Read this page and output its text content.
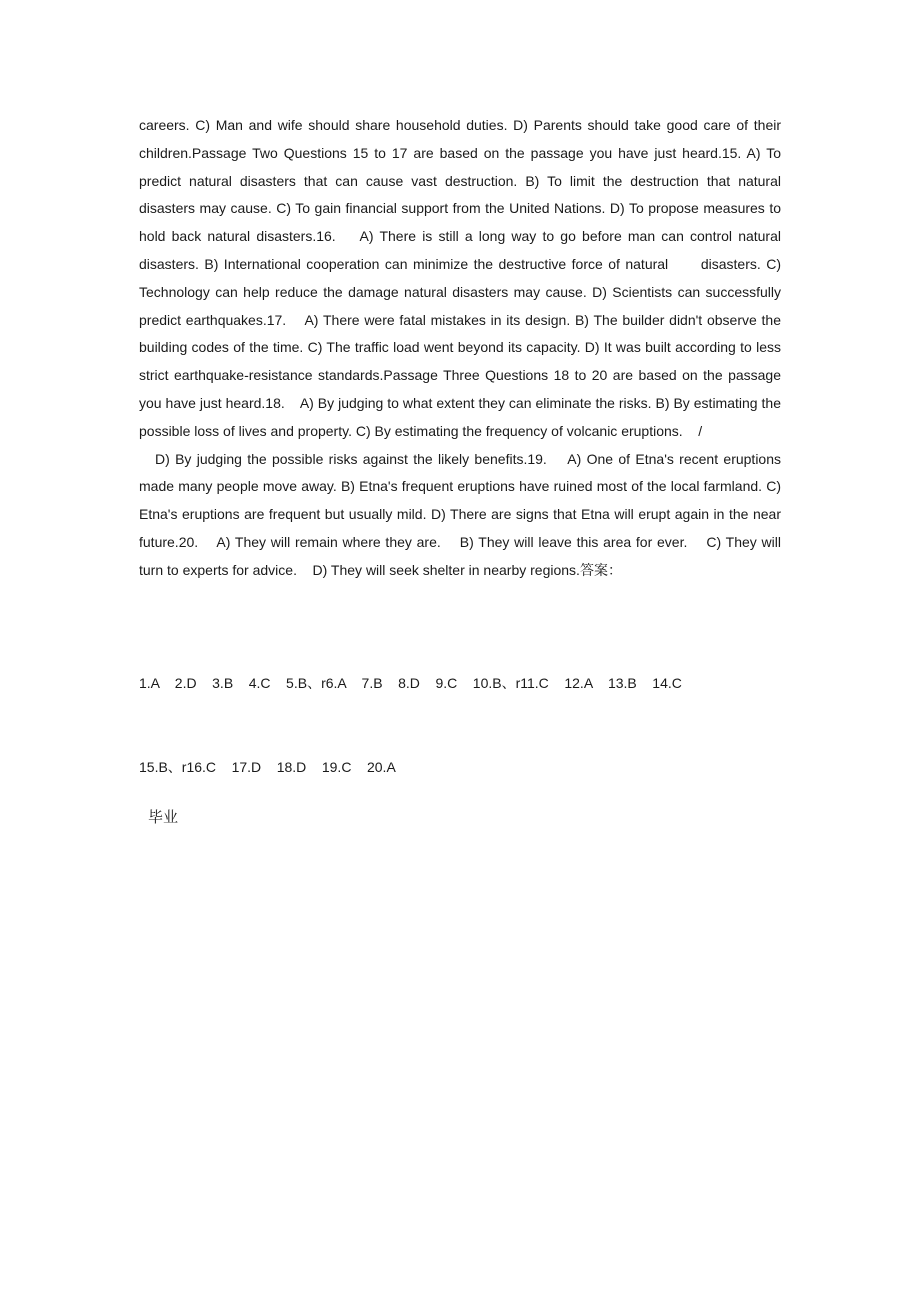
careers. C) Man and wife should share household duties. D) Parents should take good care of their children.Passage Two Questions 15 to 17 are based on the passage you have just heard.15. A) To predict natural disasters that can cause vast destruction. B) To limit the destruction that natural disasters may cause. C) To gain financial support from the United Nations. D) To propose measures to hold back natural disasters.16.    A) There is still a long way to go before man can control natural disasters. B) International cooperation can minimize the destructive force of natural      disasters. C) Technology can help reduce the damage natural disasters may cause. D) Scientists can successfully predict earthquakes.17.    A) There were fatal mistakes in its design. B) The builder didn't observe the building codes of the time. C) The traffic load went beyond its capacity. D) It was built according to less strict earthquake-resistance standards.Passage Three Questions 18 to 20 are based on the passage you have just heard.18.    A) By judging to what extent they can eliminate the risks. B) By estimating the possible loss of lives and property. C) By estimating the frequency of volcanic eruptions.    /

D) By judging the possible risks against the likely benefits.19.    A) One of Etna's recent eruptions made many people move away. B) Etna's frequent eruptions have ruined most of the local farmland. C) Etna's eruptions are frequent but usually mild. D) There are signs that Etna will erupt again in the near future.20.    A) They will remain where they are.    B) They will leave this area for ever.    C) They will turn to experts for advice.    D) They will seek shelter in nearby regions.答案：

1.A    2.D    3.B    4.C    5.B、r6.A    7.B    8.D    9.C    10.B、r11.C    12.A    13.B    14.C

15.B、r16.C    17.D    18.D    19.C    20.A

毕业
